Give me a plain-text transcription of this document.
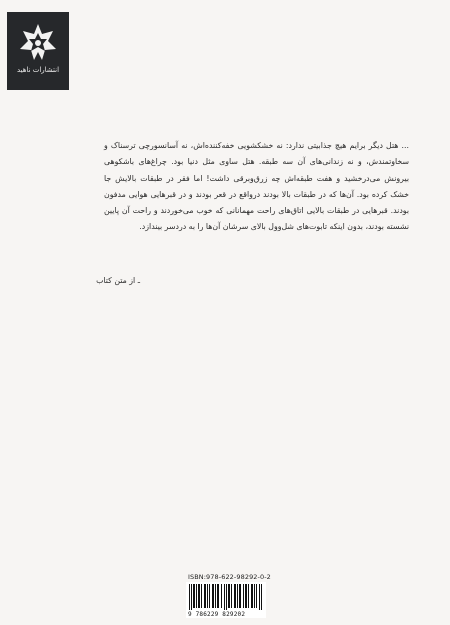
انتشارات ناهید

... هتل دیگر برایم هیچ جذابیتی ندارد: نه خشکشویی خفه‌کننده‌اش، نه آسانسورچی ترسناک و سخاوتمندش، و نه زندانی‌های آن سه طبقه. هتل ساوی مثل دنیا بود. چراغ‌های باشکوهی بیرونش می‌درخشید و هفت طبقه‌اش چه زرق‌وبرقی داشت! اما فقر در طبقات بالایش جا خشک کرده بود. آن‌ها که در طبقات بالا بودند درواقع در قعر بودند و در قبرهایی هوایی مدفون بودند. قبرهایی در طبقات بالایی اتاق‌های راحت مهمانانی که خوب می‌خوردند و راحت آن پایین نشسته بودند، بدون اینکه تابوت‌های شل‌وول بالای سرشان آن‌ها را به دردسر بیندازد.

ـ از متن کتاب
ISBN:978-622-98292-0-2
9 786229 829202
